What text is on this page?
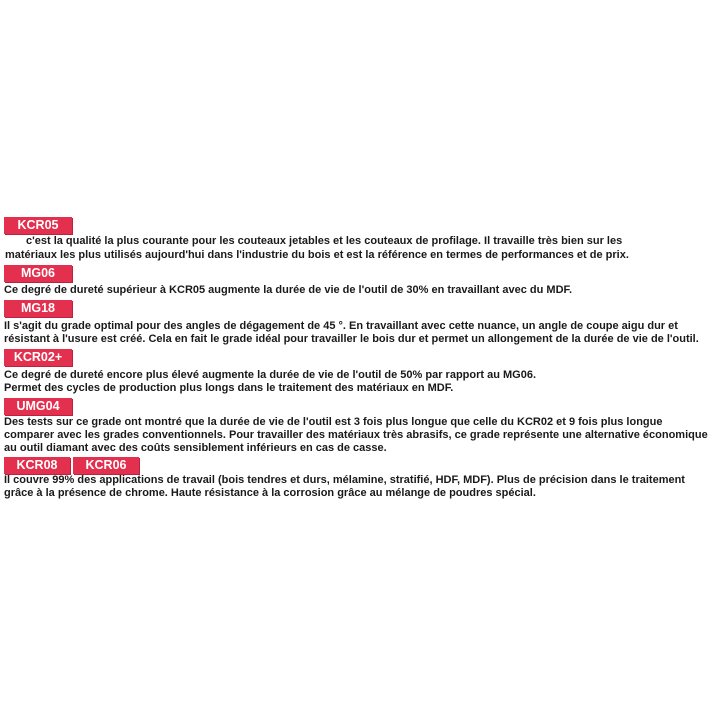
KCR05
c'est la qualité la plus courante pour les couteaux jetables et les couteaux de profilage. Il travaille très bien sur les
matériaux les plus utilisés aujourd'hui dans l'industrie du bois et est la référence en termes de performances et de prix.
MG06
Ce degré de dureté supérieur à KCR05 augmente la durée de vie de l'outil de 30% en travaillant avec du MDF.
MG18
Il s'agit du grade optimal pour des angles de dégagement de 45 °. En travaillant avec cette nuance, un angle de coupe aigu dur et
résistant à l'usure est créé. Cela en fait le grade idéal pour travailler le bois dur et permet un allongement de la durée de vie de l'outil.
KCR02+
Ce degré de dureté encore plus élevé augmente la durée de vie de l'outil de 50% par rapport au MG06.
Permet des cycles de production plus longs dans le traitement des matériaux en MDF.
UMG04
Des tests sur ce grade ont montré que la durée de vie de l'outil est 3 fois plus longue que celle du KCR02 et 9 fois plus longue
comparer avec les grades conventionnels. Pour travailler des matériaux très abrasifs, ce grade représente une alternative économique
au outil diamant avec des coûts sensiblement inférieurs en cas de casse.
KCR08	KCR06
Il couvre 99% des applications de travail (bois tendres et durs, mélamine, stratifié, HDF, MDF). Plus de précision dans le traitement
grâce à la présence de chrome. Haute résistance à la corrosion grâce au mélange de poudres spécial.
